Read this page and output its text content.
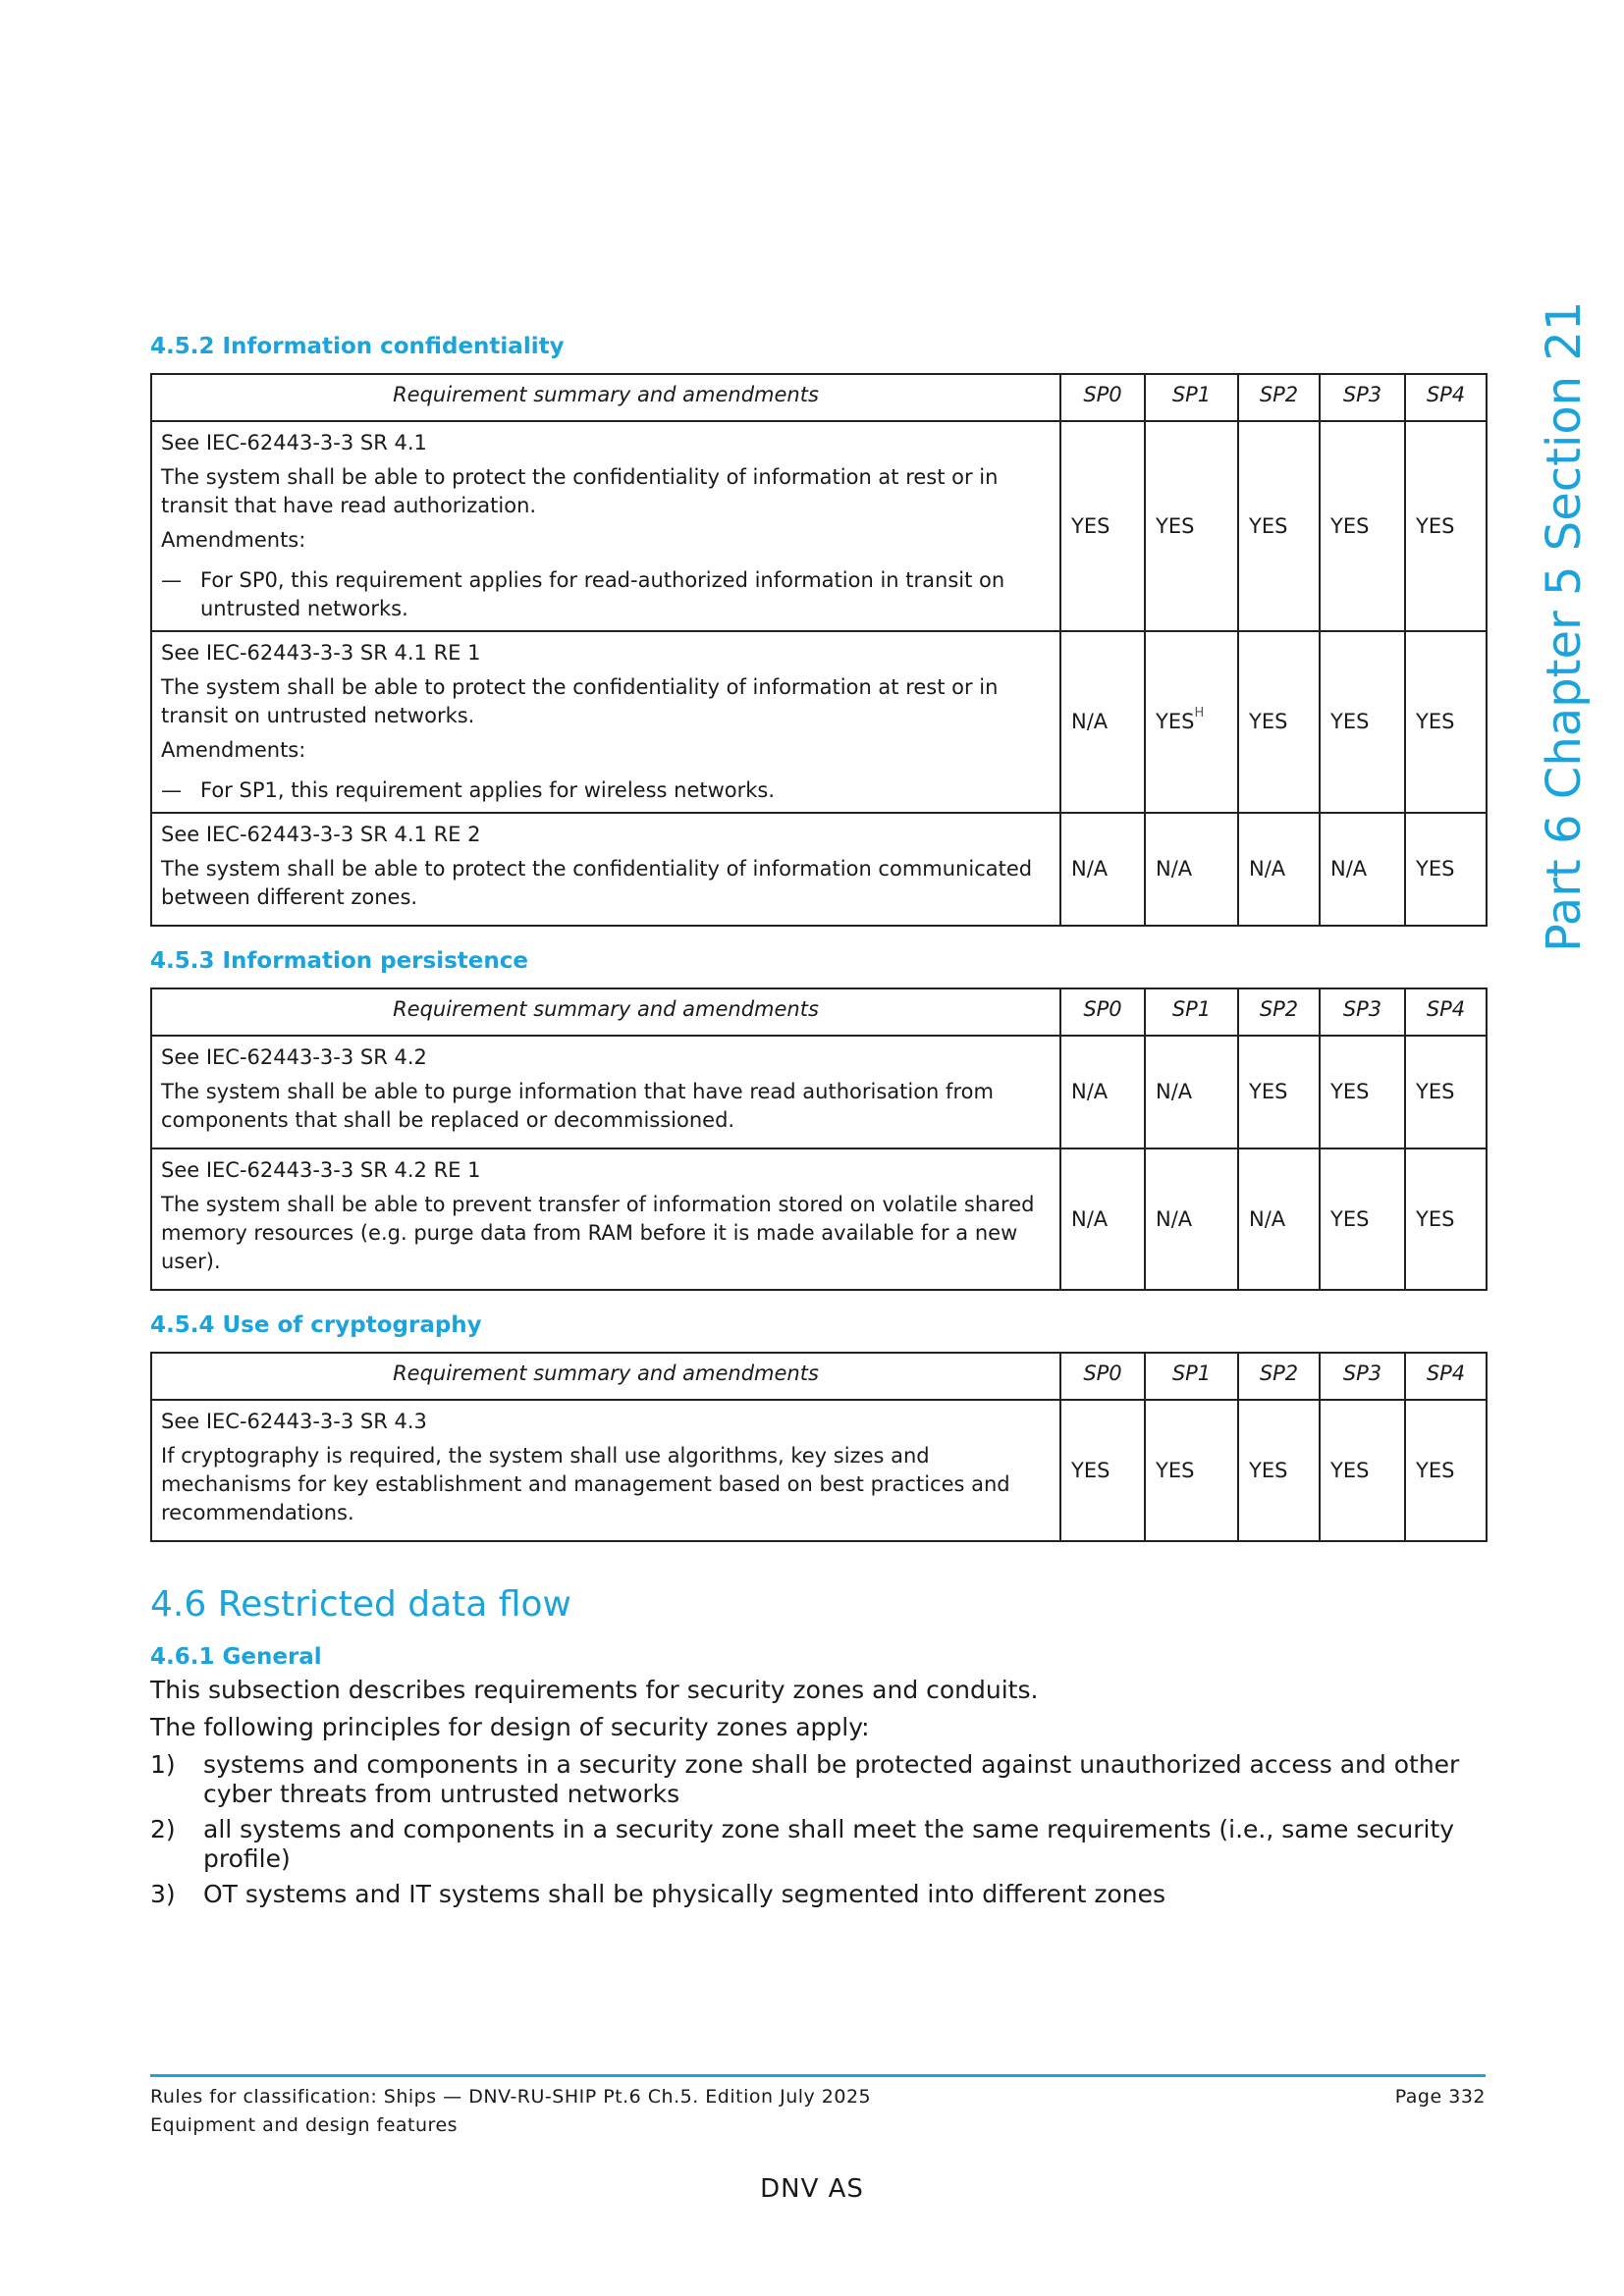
Part 6 Chapter 5 Section 21
4.5.2 Information confidentiality
Requirement summary and amendments	SP0	SP1	SP2	SP3	SP4

See IEC-62443-3-3 SR 4.1
The system shall be able to protect the confidentiality of information at rest or in transit that have read authorization.
Amendments:
— For SP0, this requirement applies for read-authorized information in transit on untrusted networks.	YES	YES	YES	YES	YES

See IEC-62443-3-3 SR 4.1 RE 1
The system shall be able to protect the confidentiality of information at rest or in transit on untrusted networks.
Amendments:
— For SP1, this requirement applies for wireless networks.	N/A	$YES^H$	YES	YES	YES

See IEC-62443-3-3 SR 4.1 RE 2
The system shall be able to protect the confidentiality of information communicated between different zones.	N/A	N/A	N/A	N/A	YES
4.5.3 Information persistence
Requirement summary and amendments	SP0	SP1	SP2	SP3	SP4

See IEC-62443-3-3 SR 4.2
The system shall be able to purge information that have read authorisation from components that shall be replaced or decommissioned.	N/A	N/A	YES	YES	YES

See IEC-62443-3-3 SR 4.2 RE 1
The system shall be able to prevent transfer of information stored on volatile shared memory resources (e.g. purge data from RAM before it is made available for a new user).	N/A	N/A	N/A	YES	YES
4.5.4 Use of cryptography
Requirement summary and amendments	SP0	SP1	SP2	SP3	SP4

See IEC-62443-3-3 SR 4.3
If cryptography is required, the system shall use algorithms, key sizes and mechanisms for key establishment and management based on best practices and recommendations.	YES	YES	YES	YES	YES
4.6 Restricted data flow
4.6.1 General

This subsection describes requirements for security zones and conduits.

The following principles for design of security zones apply:

1)	systems and components in a security zone shall be protected against unauthorized access and other cyber threats from untrusted networks
2)	all systems and components in a security zone shall meet the same requirements (i.e., same security profile)
3)	OT systems and IT systems shall be physically segmented into different zones
Rules for classification: Ships — DNV-RU-SHIP Pt.6 Ch.5. Edition July 2025	Page 332
Equipment and design features
DNV AS
